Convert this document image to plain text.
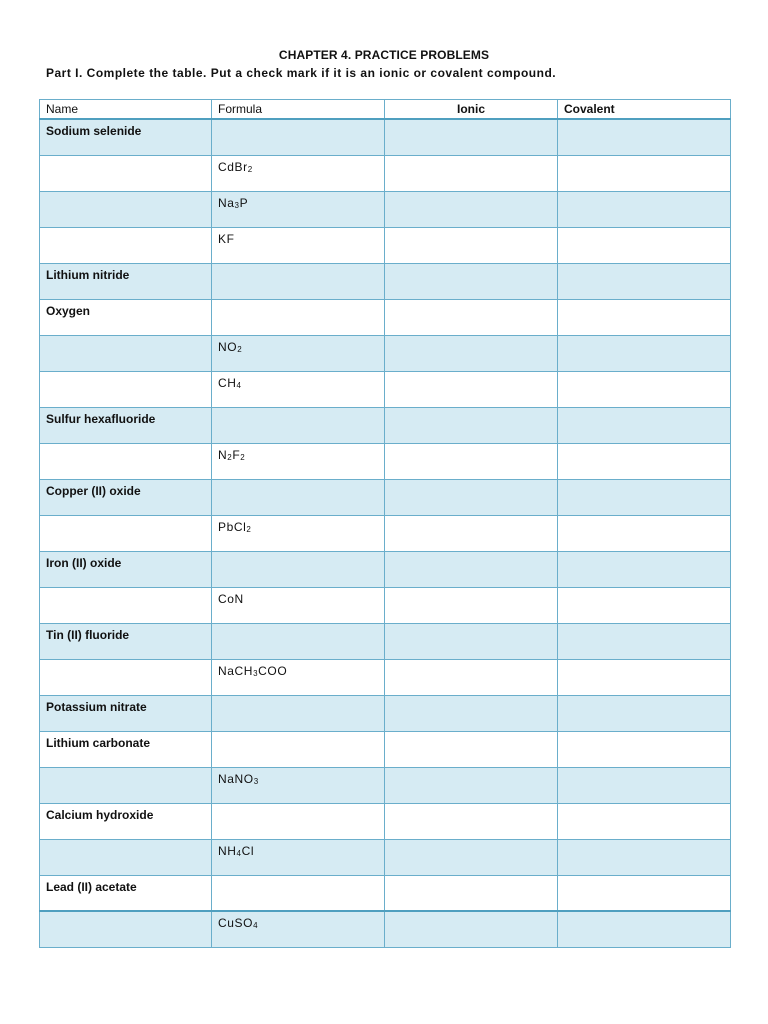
CHAPTER 4. PRACTICE PROBLEMS
Part I. Complete the table. Put a check mark if it is an ionic or covalent compound.
Name	Formula	Ionic	Covalent
Sodium selenide			
	CdBr$_2$		
	$Na_3P$		
	KF		
Lithium nitride			
Oxygen			
	$NO_2$		
	$CH_4$		
Sulfur hexafluoride			
	$N_2F_2$		
Copper (II) oxide			
	PbCl$_2$		
Iron (II) oxide			
	CoN		
Tin (II) fluoride			
	NaCH$_3$COO		
Potassium nitrate			
Lithium carbonate			
	NaNO$_3$		
Calcium hydroxide			
	$NH_4Cl$		
Lead (II) acetate			
	CuSO$_4$		
